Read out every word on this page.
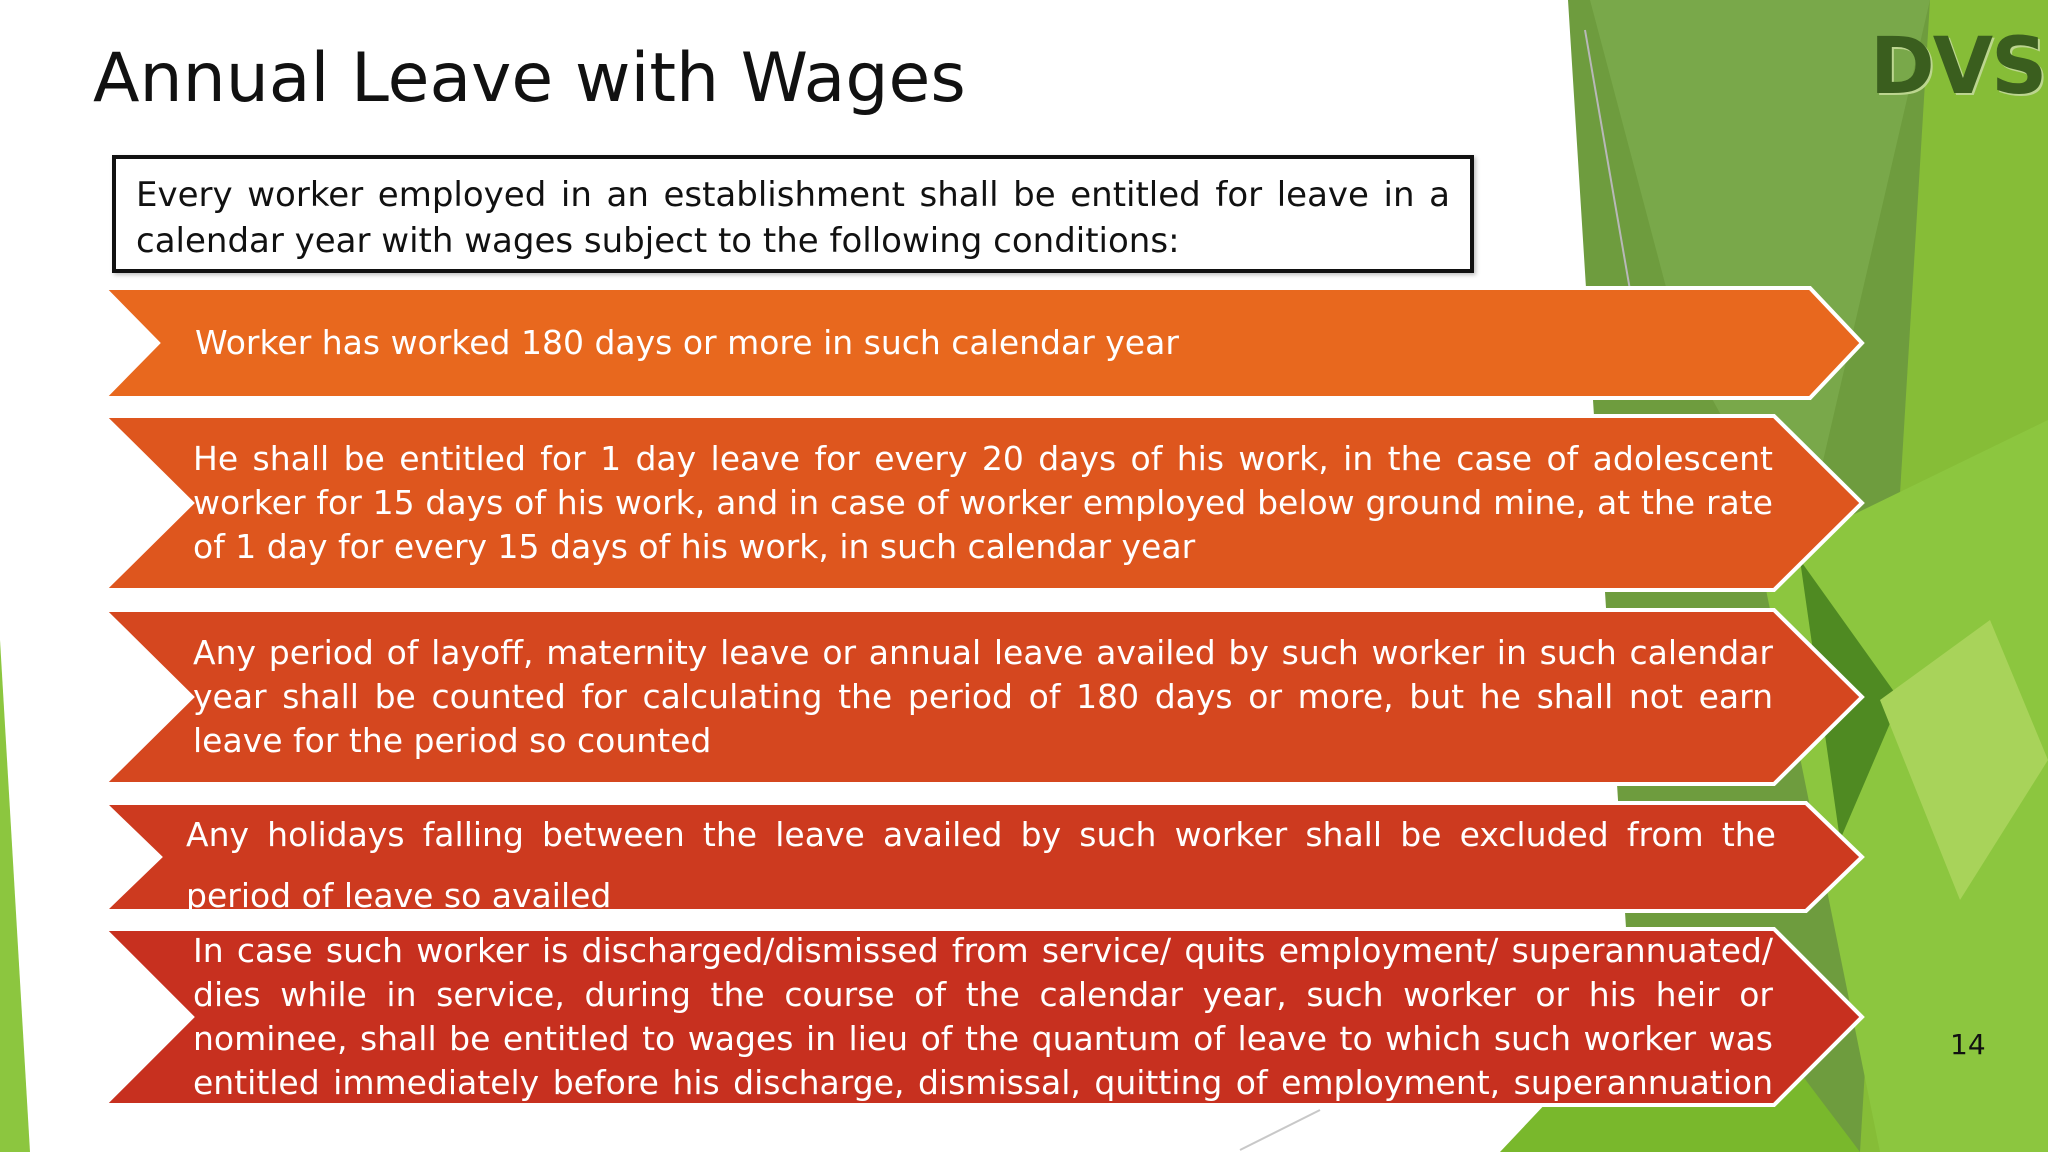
Annual Leave with Wages	DVS
Every worker employed in an establishment shall be entitled for leave in a calendar year with wages subject to the following conditions:
Worker has worked 180 days or more in such calendar year
He shall be entitled for 1 day leave for every 20 days of his work, in the case of adolescent worker for 15 days of his work, and in case of worker employed below ground mine, at the rate of 1 day for every 15 days of his work, in such calendar year
Any period of layoff, maternity leave or annual leave availed by such worker in such calendar year shall be counted for calculating the period of 180 days or more, but he shall not earn leave for the period so counted
Any holidays falling between the leave availed by such worker shall be excluded from the period of leave so availed
In case such worker is discharged/dismissed from service/ quits employment/ superannuated/ dies while in service, during the course of the calendar year, such worker or his heir or nominee, shall be entitled to wages in lieu of the quantum of leave to which such worker was entitled immediately before his discharge, dismissal, quitting of employment, superannuation or death
14
